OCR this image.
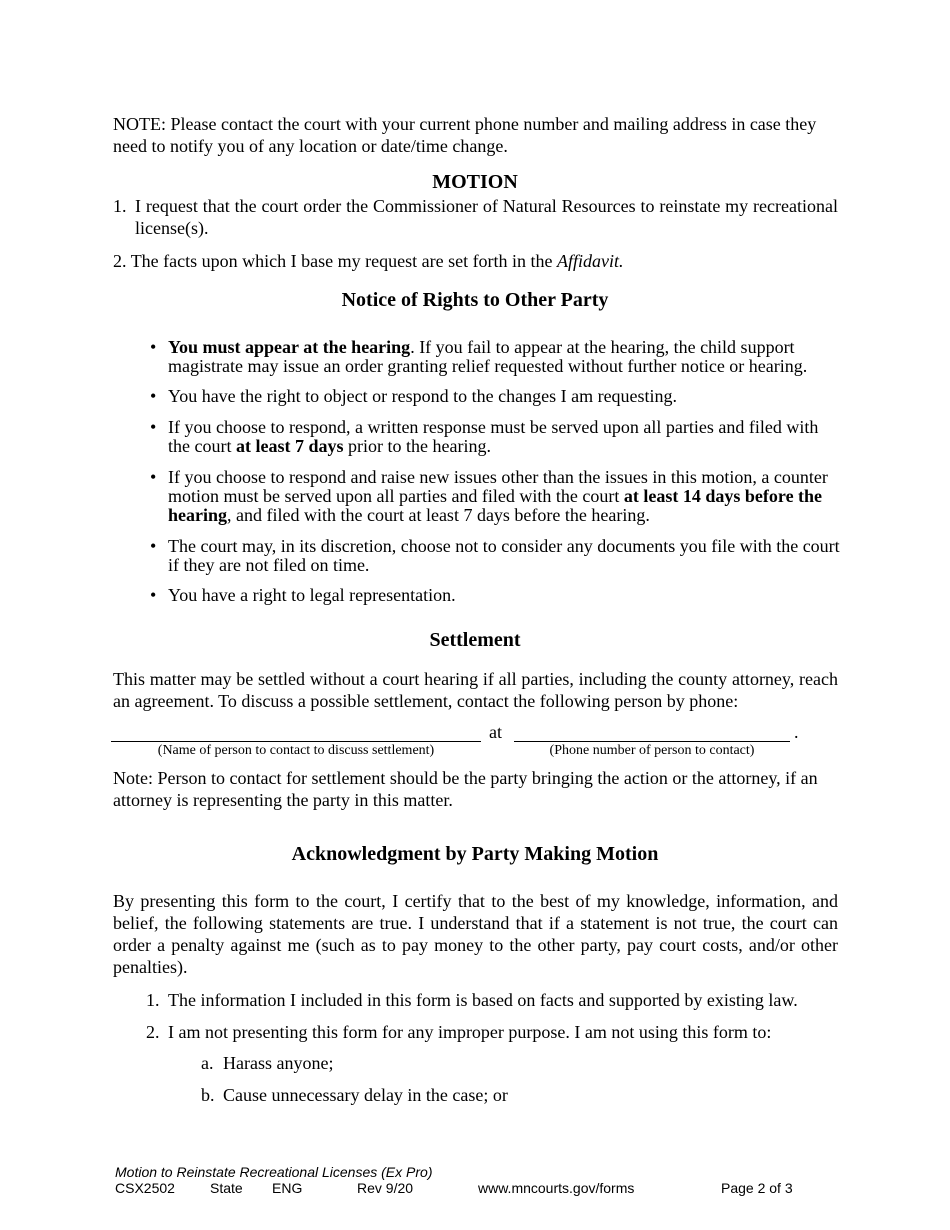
NOTE: Please contact the court with your current phone number and mailing address in case they need to notify you of any location or date/time change.
MOTION
1. I request that the court order the Commissioner of Natural Resources to reinstate my recreational license(s).
2. The facts upon which I base my request are set forth in the Affidavit.
Notice of Rights to Other Party
• You must appear at the hearing. If you fail to appear at the hearing, the child support magistrate may issue an order granting relief requested without further notice or hearing.
• You have the right to object or respond to the changes I am requesting.
• If you choose to respond, a written response must be served upon all parties and filed with the court at least 7 days prior to the hearing.
• If you choose to respond and raise new issues other than the issues in this motion, a counter motion must be served upon all parties and filed with the court at least 14 days before the hearing, and filed with the court at least 7 days before the hearing.
• The court may, in its discretion, choose not to consider any documents you file with the court if they are not filed on time.
• You have a right to legal representation.
Settlement
This matter may be settled without a court hearing if all parties, including the county attorney, reach an agreement. To discuss a possible settlement, contact the following person by phone:
at	.
(Name of person to contact to discuss settlement)	(Phone number of person to contact)
Note: Person to contact for settlement should be the party bringing the action or the attorney, if an attorney is representing the party in this matter.
Acknowledgment by Party Making Motion
By presenting this form to the court, I certify that to the best of my knowledge, information, and belief, the following statements are true. I understand that if a statement is not true, the court can order a penalty against me (such as to pay money to the other party, pay court costs, and/or other penalties).
1. The information I included in this form is based on facts and supported by existing law.
2. I am not presenting this form for any improper purpose. I am not using this form to:
a. Harass anyone;
b. Cause unnecessary delay in the case; or
Motion to Reinstate Recreational Licenses (Ex Pro)
CSX2502	State ENG	Rev 9/20	www.mncourts.gov/forms	Page 2 of 3
